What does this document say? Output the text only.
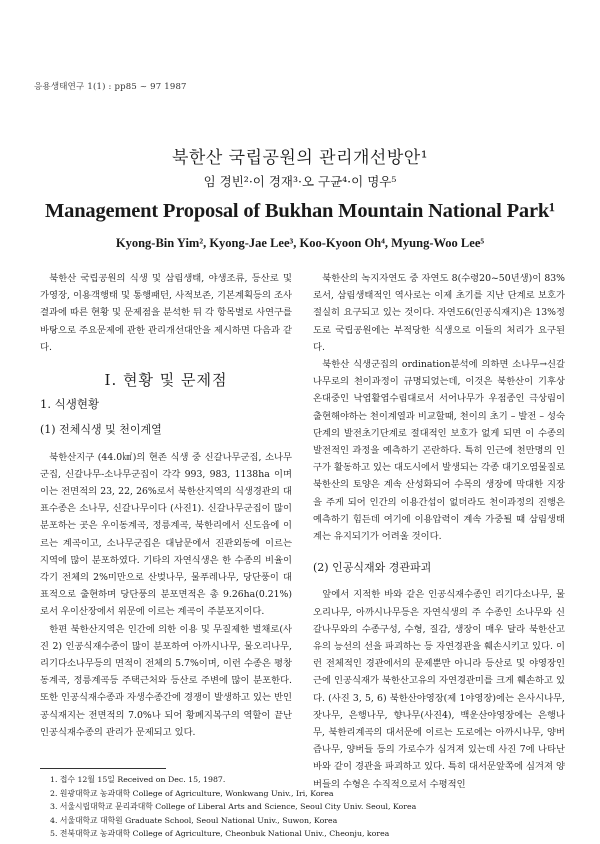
응용생태연구 1(1) : pp85 ~ 97 1987
북한산 국립공원의 관리개선방안¹
임 경빈²·이 경재³·오 구균⁴·이 명우⁵
Management Proposal of Bukhan Mountain National Park¹
Kyong-Bin Yim², Kyong-Jae Lee³, Koo-Kyoon Oh⁴, Myung-Woo Lee⁵

북한산 국립공원의 식생 및 삼림생태, 야생조류, 등산로 및 가영장, 이용객행태 및 통행패턴, 사적보존, 기본계획등의 조사결과에 따른 현황 및 문제점을 분석한 뒤 각 항목별로 사연구를 바탕으로 주요문제에 관한 관리개선대안을 제시하면 다음과 같다.

Ⅰ. 현황 및 문제점
1. 식생현황
(1) 전체식생 및 천이계열

북한산지구 (44.0㎢)의 현존 식생 중 신갈나무군집, 소나무군집, 신갈나무-소나무군집이 각각 993, 983, 1138ha 이며 이는 전면적의 23, 22, 26%로서 북한산지역의 식생경관의 대표수종은 소나무, 신갈나무이다 (사진1). 신갈나무군집이 많이 분포하는 곳은 우이동계곡, 정릉계곡, 북한리에서 신도읍에 이르는 계곡이고, 소나무군집은 대남문에서 진관외동에 이르는 지역에 많이 분포하였다. 기타의 자연식생은 한 수종의 비율이 각기 전체의 2%미만으로 산벚나무, 물푸레나무, 당단풍이 대표적으로 출현하며 당단풍의 분포면적은 총 9.26ha(0.21%)로서 우이산장에서 위문에 이르는 계곡이 주분포지이다.

한편 북한산지역은 인간에 의한 이용 및 무질제한 벌채로(사진 2) 인공식재수종이 많이 분포하여 아까시나무, 물오리나무, 리기다소나무등의 면적이 전체의 5.7%이며, 이런 수종은 평창동계곡, 정릉계곡등 주택근처와 등산로 주변에 많이 분포한다. 또한 인공식재수종과 자생수종간에 경쟁이 발생하고 있는 반인공식재지는 전면적의 7.0%나 되어 황폐지복구의 역할이 끝난 인공식재수종의 관리가 문제되고 있다.

북한산의 녹지자연도 중 자연도 8(수령20~50년생)이 83%로서, 삼림생태적인 역사로는 이제 초기를 지난 단계로 보호가 절실히 요구되고 있는 것이다. 자연도6(인공식재지)은 13%정도로 국립공원에는 부적당한 식생으로 이들의 처리가 요구된다.

북한산 식생군집의 ordination분석에 의하면 소나무→신갈나무로의 천이과정이 규명되었는데, 이것은 북한산이 기후상 온대중인 낙엽활엽수림대로서 서어나무가 우점종인 극상림이 출현해야하는 천이계열과 비교할때, 천이의 초기 – 발전 – 성숙단계의 발전초기단계로 절대적인 보호가 없게 되면 이 수종의 발전적인 과정을 예측하기 곤란하다. 특히 인근에 천만명의 인구가 활동하고 있는 대도시에서 발생되는 각종 대기오염물질로 북한산의 토양은 계속 산성화되어 수목의 생장에 막대한 지장을 주게 되어 인간의 이용간섭이 없더라도 천이과정의 진행은 예측하기 힘든데 여기에 이용압력이 계속 가중될 때 삼림생태계는 유지되기가 어려울 것이다.

(2) 인공식재와 경관파괴

앞에서 지적한 바와 같은 인공식재수종인 리기다소나무, 물오리나무, 아까시나무등은 자연식생의 주 수종인 소나무와 신갈나무와의 수종구성, 수형, 질감, 생장이 매우 달라 북한산고유의 능선의 선을 파괴하는 등 자연경관을 훼손시키고 있다. 이런 전체적인 경관에서의 문제뿐만 아니라 등산로 및 야영장인근에 인공식재가 북한산고유의 자연경관미를 크게 훼손하고 있다. (사진 3, 5, 6) 북한산야영장(제 1야영장)에는 은사시나무, 잣나무, 은행나무, 향나무(사진4), 백운산야영장에는 은행나무, 북한리계곡의 대서문에 이르는 도로에는 아까시나무, 양버즘나무, 양버들 등의 가로수가 심겨져 있는데 사진 7에 나타난 바와 같이 경관을 파괴하고 있다. 특히 대서문앞쪽에 심겨져 양버들의 수형은 수직적으로서 수평적인

1. 접수 12월 15일 Received on Dec. 15, 1987.
2. 원광대학교 농과대학 College of Agriculture, Wonkwang Univ., Iri, Korea
3. 서울시립대학교 문리과대학 College of Liberal Arts and Science, Seoul City Univ. Seoul, Korea
4. 서울대학교 대학원 Graduate School, Seoul National Univ., Suwon, Korea
5. 전북대학교 농과대학 College of Agriculture, Cheonbuk National Univ., Cheonju, korea
